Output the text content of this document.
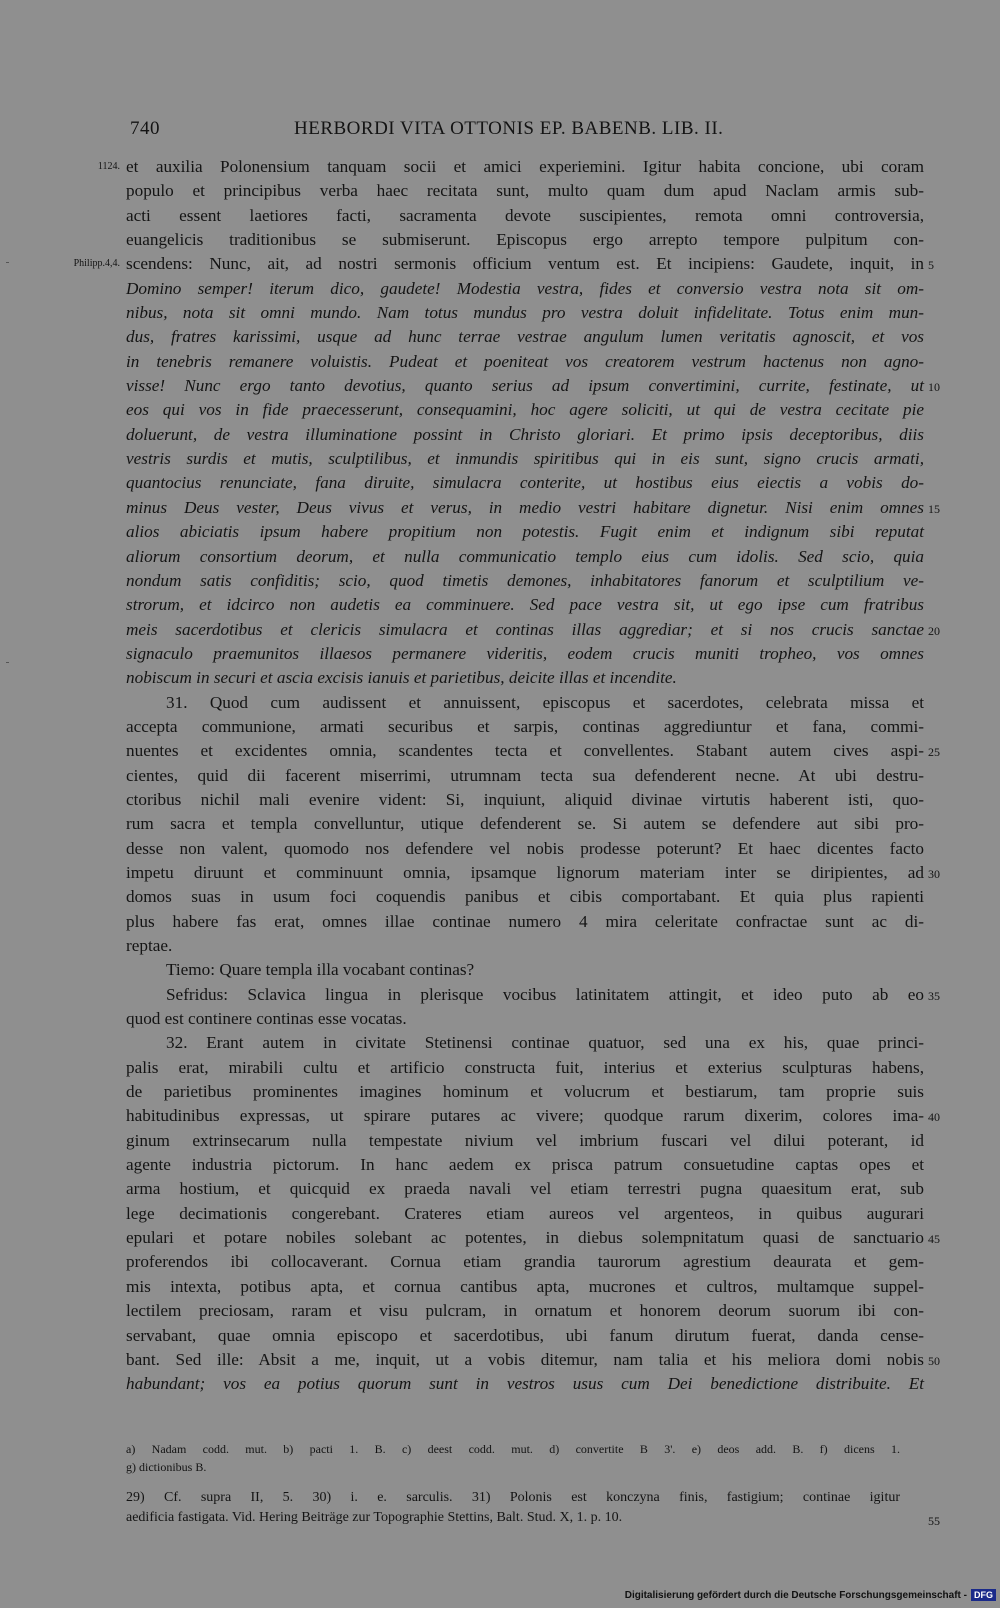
740	HERBORDI VITA OTTONIS EP. BABENB. LIB. II.
1124. et auxilia Polonensium tanquam socii et amici experiemini. Igitur habita concione, ubi coram
populo et principibus verba haec recitata sunt, multo quam dum apud Naclam armis sub-
acti essent laetiores facti, sacramenta devote suscipientes, remota omni controversia,
euangelicis traditionibus se submiserunt. Episcopus ergo arrepto tempore pulpitum con-
Philipp.4,4. scendens: Nunc, ait, ad nostri sermonis officium ventum est. Et incipiens: Gaudete, inquit, in 5
Domino semper! iterum dico, gaudete! Modestia vestra, fides et conversio vestra nota sit om-
nibus, nota sit omni mundo. Nam totus mundus pro vestra doluit infidelitate. Totus enim mun-
dus, fratres karissimi, usque ad hunc terrae vestrae angulum lumen veritatis agnoscit, et vos
in tenebris remanere voluistis. Pudeat et poeniteat vos creatorem vestrum hactenus non agno-
visse! Nunc ergo tanto devotius, quanto serius ad ipsum convertimini, currite, festinate, ut 10
eos qui vos in fide praecesserunt, consequamini, hoc agere soliciti, ut qui de vestra cecitate pie
doluerunt, de vestra illuminatione possint in Christo gloriari. Et primo ipsis deceptoribus, diis
vestris surdis et mutis, sculptilibus, et inmundis spiritibus qui in eis sunt, signo crucis armati,
quantocius renunciate, fana diruite, simulacra conterite, ut hostibus eius eiectis a vobis do-
minus Deus vester, Deus vivus et verus, in medio vestri habitare dignetur. Nisi enim omnes 15
alios abiciatis ipsum habere propitium non potestis. Fugit enim et indignum sibi reputat
aliorum consortium deorum, et nulla communicatio templo eius cum idolis. Sed scio, quia
nondum satis confiditis; scio, quod timetis demones, inhabitatores fanorum et sculptilium ve-
strorum, et idcirco non audetis ea comminuere. Sed pace vestra sit, ut ego ipse cum fratribus
meis sacerdotibus et clericis simulacra et continas illas aggrediar; et si nos crucis sanctae 20
signaculo praemunitos illaesos permanere videritis, eodem crucis muniti tropheo, vos omnes
nobiscum in securi et ascia excisis ianuis et parietibus, deicite illas et incendite.
31. Quod cum audissent et annuissent, episcopus et sacerdotes, celebrata missa et
accepta communione, armati securibus et sarpis, continas aggrediuntur et fana, commi-
nuentes et excidentes omnia, scandentes tecta et convellentes. Stabant autem cives aspi- 25
cientes, quid dii facerent miserrimi, utrumnam tecta sua defenderent necne. At ubi destru-
ctoribus nichil mali evenire vident: Si, inquiunt, aliquid divinae virtutis haberent isti, quo-
rum sacra et templa convelluntur, utique defenderent se. Si autem se defendere aut sibi pro-
desse non valent, quomodo nos defendere vel nobis prodesse poterunt? Et haec dicentes facto
impetu diruunt et comminuunt omnia, ipsamque lignorum materiam inter se diripientes, ad 30
domos suas in usum foci coquendis panibus et cibis comportabant. Et quia plus rapienti
plus habere fas erat, omnes illae continae numero 4 mira celeritate confractae sunt ac di-
reptae.
Tiemo: Quare templa illa vocabant continas?
Sefridus: Sclavica lingua in plerisque vocibus latinitatem attingit, et ideo puto ab eo 35
quod est continere continas esse vocatas.
32. Erant autem in civitate Stetinensi continae quatuor, sed una ex his, quae princi-
palis erat, mirabili cultu et artificio constructa fuit, interius et exterius sculpturas habens,
de parietibus prominentes imagines hominum et volucrum et bestiarum, tam proprie suis
habitudinibus expressas, ut spirare putares ac vivere; quodque rarum dixerim, colores ima- 40
ginum extrinsecarum nulla tempestate nivium vel imbrium fuscari vel dilui poterant, id
agente industria pictorum. In hanc aedem ex prisca patrum consuetudine captas opes et
arma hostium, et quicquid ex praeda navali vel etiam terrestri pugna quaesitum erat, sub
lege decimationis congerebant. Crateres etiam aureos vel argenteos, in quibus augurari
epulari et potare nobiles solebant ac potentes, in diebus solempnitatum quasi de sanctuario 45
proferendos ibi collocaverant. Cornua etiam grandia taurorum agrestium deaurata et gem-
mis intexta, potibus apta, et cornua cantibus apta, mucrones et cultros, multamque suppel-
lectilem preciosam, raram et visu pulcram, in ornatum et honorem deorum suorum ibi con-
servabant, quae omnia episcopo et sacerdotibus, ubi fanum dirutum fuerat, danda cense-
bant. Sed ille: Absit a me, inquit, ut a vobis ditemur, nam talia et his meliora domi nobis 50
habundant; vos ea potius quorum sunt in vestros usus cum Dei benedictione distribuite. Et
a) Nadam codd. mut. b) pacti 1. B. c) deest codd. mut. d) convertite B 3'. e) deos add. B. f) dicens 1.
g) dictionibus B.
29) Cf. supra II, 5. 30) i. e. sarculis. 31) Polonis est konczyna finis, fastigium; continae igitur
aedificia fastigata. Vid. Hering Beiträge zur Topographie Stettins, Balt. Stud. X, 1. p. 10.	55
Digitalisierung gefördert durch die Deutsche Forschungsgemeinschaft - DFG
